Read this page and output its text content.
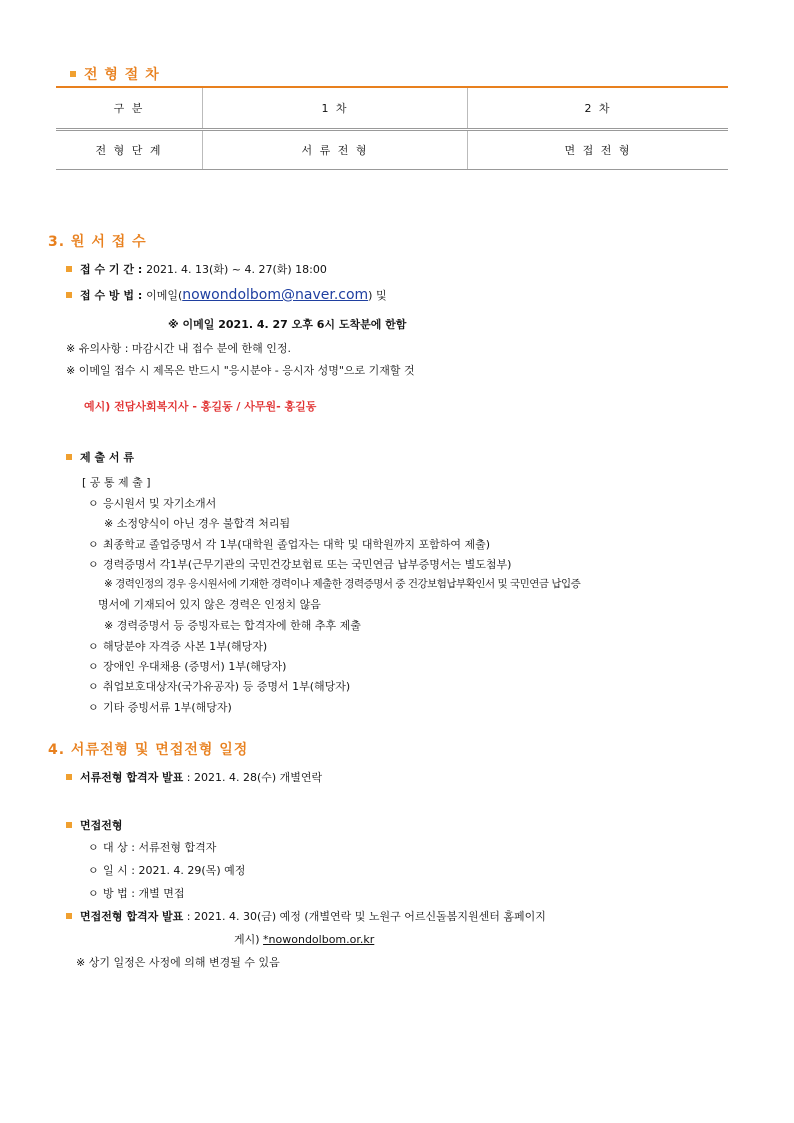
전 형 절 차
구 분	1 차	2 차
전 형 단 계	서 류 전 형	면 접 전 형
3. 원 서 접 수
접 수 기 간 : 2021. 4. 13(화) ~ 4. 27(화) 18:00
접 수 방 법 : 이메일(nowondolbom@naver.com) 및
※ 이메일 2021. 4. 27 오후 6시 도착분에 한함
※ 유의사항 : 마감시간 내 접수 분에 한해 인정.
※ 이메일 접수 시 제목은 반드시 "응시분야 - 응시자 성명"으로 기재할 것
예시) 전담사회복지사 - 홍길동 / 사무원- 홍길동
제 출 서 류
[ 공 통 제 출 ]
ㅇ 응시원서 및 자기소개서
※ 소정양식이 아닌 경우 불합격 처리됨
ㅇ 최종학교 졸업증명서 각 1부(대학원 졸업자는 대학 및 대학원까지 포함하여 제출)
ㅇ 경력증명서 각1부(근무기관의 국민건강보험료 또는 국민연금 납부증명서는 별도첨부)
※ 경력인정의 경우 응시원서에 기재한 경력이나 제출한 경력증명서 중 건강보험납부확인서 및 국민연금 납입증
명서에 기재되어 있지 않은 경력은 인정치 않음
※ 경력증명서 등 증빙자료는 합격자에 한해 추후 제출
ㅇ 해당분야 자격증 사본 1부(해당자)
ㅇ 장애인 우대채용 (증명서) 1부(해당자)
ㅇ 취업보호대상자(국가유공자) 등 증명서 1부(해당자)
ㅇ 기타 증빙서류 1부(해당자)
4. 서류전형 및 면접전형 일정
서류전형 합격자 발표 : 2021. 4. 28(수) 개별연락
면접전형
ㅇ 대 상 : 서류전형 합격자
ㅇ 일 시 : 2021. 4. 29(목) 예정
ㅇ 방 법 : 개별 면접
면접전형 합격자 발표 : 2021. 4. 30(금) 예정 (개별연락 및 노원구 어르신돌봄지원센터 홈페이지
게시) *nowondolbom.or.kr
※ 상기 일정은 사정에 의해 변경될 수 있음
